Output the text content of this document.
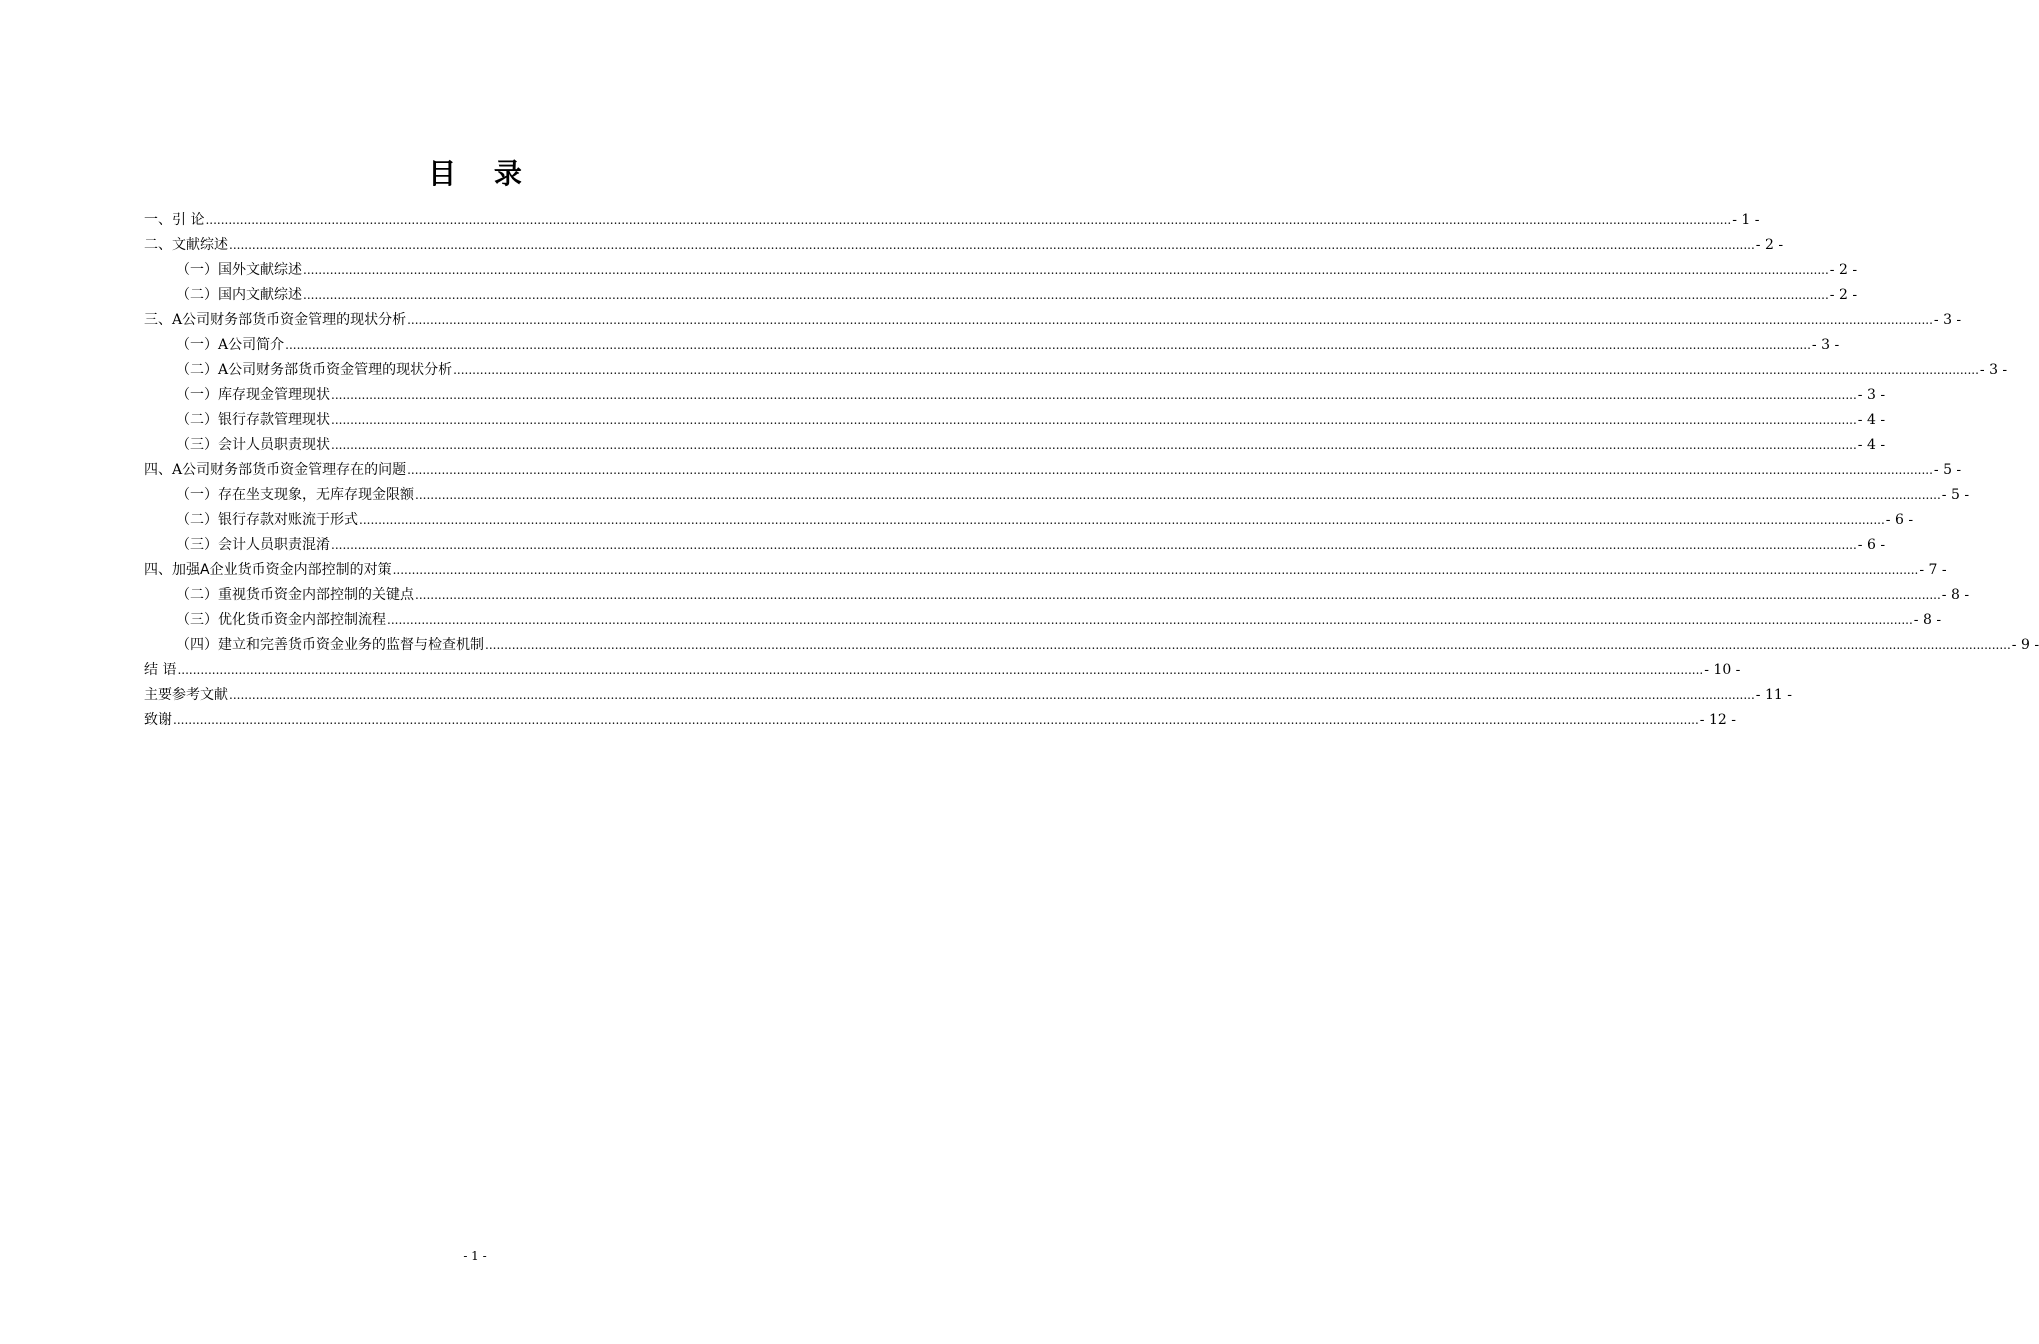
目 录
一、引 论 ................................................................................................................................................................................................................................................................................................................................................................................................................ - 1 -
二、文献综述 ................................................................................................................................................................................................................................................................................................................................................................................................................ - 2 -
（一）国外文献综述 ................................................................................................................................................................................................................................................................................................................................................................................................................ - 2 -
（二）国内文献综述 ................................................................................................................................................................................................................................................................................................................................................................................................................ - 2 -
三、A公司财务部货币资金管理的现状分析 ................................................................................................................................................................................................................................................................................................................................................................................................................ - 3 -
（一）A公司简介 ................................................................................................................................................................................................................................................................................................................................................................................................................ - 3 -
（二）A公司财务部货币资金管理的现状分析 ................................................................................................................................................................................................................................................................................................................................................................................................................ - 3 -
（一）库存现金管理现状 ................................................................................................................................................................................................................................................................................................................................................................................................................ - 3 -
（二）银行存款管理现状 ................................................................................................................................................................................................................................................................................................................................................................................................................ - 4 -
（三）会计人员职责现状 ................................................................................................................................................................................................................................................................................................................................................................................................................ - 4 -
四、A公司财务部货币资金管理存在的问题 ................................................................................................................................................................................................................................................................................................................................................................................................................ - 5 -
（一）存在坐支现象，无库存现金限额 ................................................................................................................................................................................................................................................................................................................................................................................................................ - 5 -
（二）银行存款对账流于形式 ................................................................................................................................................................................................................................................................................................................................................................................................................ - 6 -
（三）会计人员职责混淆 ................................................................................................................................................................................................................................................................................................................................................................................................................ - 6 -
四、加强A企业货币资金内部控制的对策 ................................................................................................................................................................................................................................................................................................................................................................................................................ - 7 -
（二）重视货币资金内部控制的关键点 ................................................................................................................................................................................................................................................................................................................................................................................................................ - 8 -
（三）优化货币资金内部控制流程 ................................................................................................................................................................................................................................................................................................................................................................................................................ - 8 -
（四）建立和完善货币资金业务的监督与检查机制 ................................................................................................................................................................................................................................................................................................................................................................................................................ - 9 -
结 语 ................................................................................................................................................................................................................................................................................................................................................................................................................ - 10 -
主要参考文献 ................................................................................................................................................................................................................................................................................................................................................................................................................ - 11 -
致谢 ................................................................................................................................................................................................................................................................................................................................................................................................................ - 12 -
- 1 -
